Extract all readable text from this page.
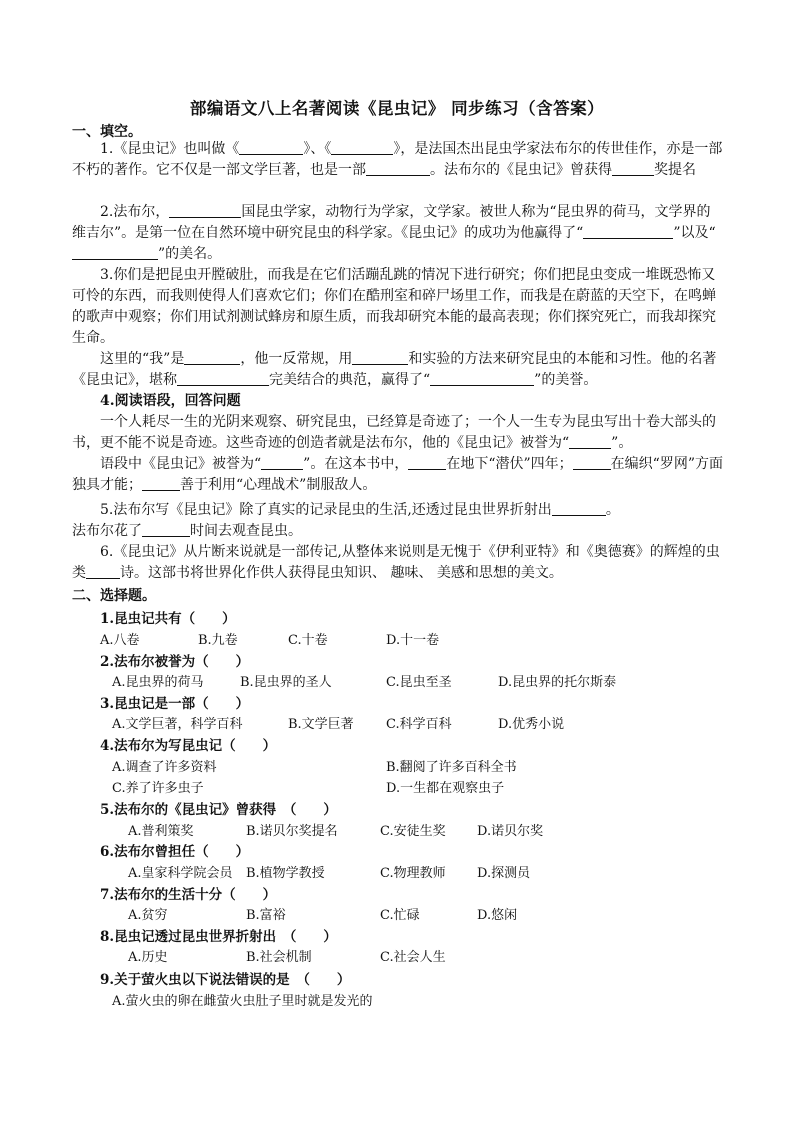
部编语文八上名著阅读《昆虫记》 同步练习（含答案）
一、填空。
1.《昆虫记》也叫做《	》、《	》，是法国杰出昆虫学家法布尔的传世佳作，亦是一部不朽的著作。它不仅是一部文学巨著，也是一部	。法布尔的《昆虫记》曾获得	奖提名
2.法布尔，	国昆虫学家，动物行为学家，文学家。被世人称为“昆虫界的荷马，文学界的维吉尔”。是第一位在自然环境中研究昆虫的科学家。《昆虫记》的成功为他赢得了“	”以及“”的美名。
3.你们是把昆虫开膛破肚，而我是在它们活蹦乱跳的情况下进行研究；你们把昆虫变成一堆既恐怖又可怜的东西，而我则使得人们喜欢它们；你们在酷刑室和碎尸场里工作，而我是在蔚蓝的天空下，在鸣蝉的歌声中观察；你们用试剂测试蜂房和原生质，而我却研究本能的最高表现；你们探究死亡，而我却探究生命。
这里的“我”是	，他一反常规，用	和实验的方法来研究昆虫的本能和习性。他的名著《昆虫记》，堪称	完美结合的典范，赢得了“	”的美誉。
4.阅读语段，回答问题
一个人耗尽一生的光阴来观察、研究昆虫，已经算是奇迹了；一个人一生专为昆虫写出十卷大部头的书，更不能不说是奇迹。这些奇迹的创造者就是法布尔，他的《昆虫记》被誉为“	”。
语段中《昆虫记》被誉为“	”。在这本书中，	在地下“潜伏”四年；	在编织“罗网”方面独具才能；	善于利用“心理战术”制服敌人。
5.法布尔写《昆虫记》除了真实的记录昆虫的生活,还透过昆虫世界折射出	。
法布尔花了	时间去观查昆虫。
6.《昆虫记》从片断来说就是一部传记,从整体来说则是无愧于《伊利亚特》和《奥德赛》的辉煌的虫类 诗。这部书将世界化作供人获得昆虫知识、 趣味、 美感和思想的美文。
二、选择题。
1.昆虫记共有（　　）
A.八卷	B.九卷	C.十卷	D.十一卷
2.法布尔被誉为（　　）
A.昆虫界的荷马	B.昆虫界的圣人	C.昆虫至圣	D.昆虫界的托尔斯泰
3.昆虫记是一部（　　）
A.文学巨著，科学百科	B.文学巨著 C.科学百科	D.优秀小说
4.法布尔为写昆虫记（　　）
A.调查了许多资料	B.翻阅了许多百科全书
C.养了许多虫子	D.一生都在观察虫子
5.法布尔的《昆虫记》曾获得　（　　）
A.普利策奖	B.诺贝尔奖提名	C.安徒生奖 D.诺贝尔奖
6.法布尔曾担任（　　）
A.皇家科学院会员 B.植物学教授	C.物理教师 D.探测员
7.法布尔的生活十分（　　）
A.贫穷	B.富裕	C.忙碌	D.悠闲
8.昆虫记透过昆虫世界折射出　（　　）
A.历史	B.社会机制	C.社会人生
9.关于萤火虫以下说法错误的是　（　　）
A.萤火虫的卵在雌萤火虫肚子里时就是发光的
